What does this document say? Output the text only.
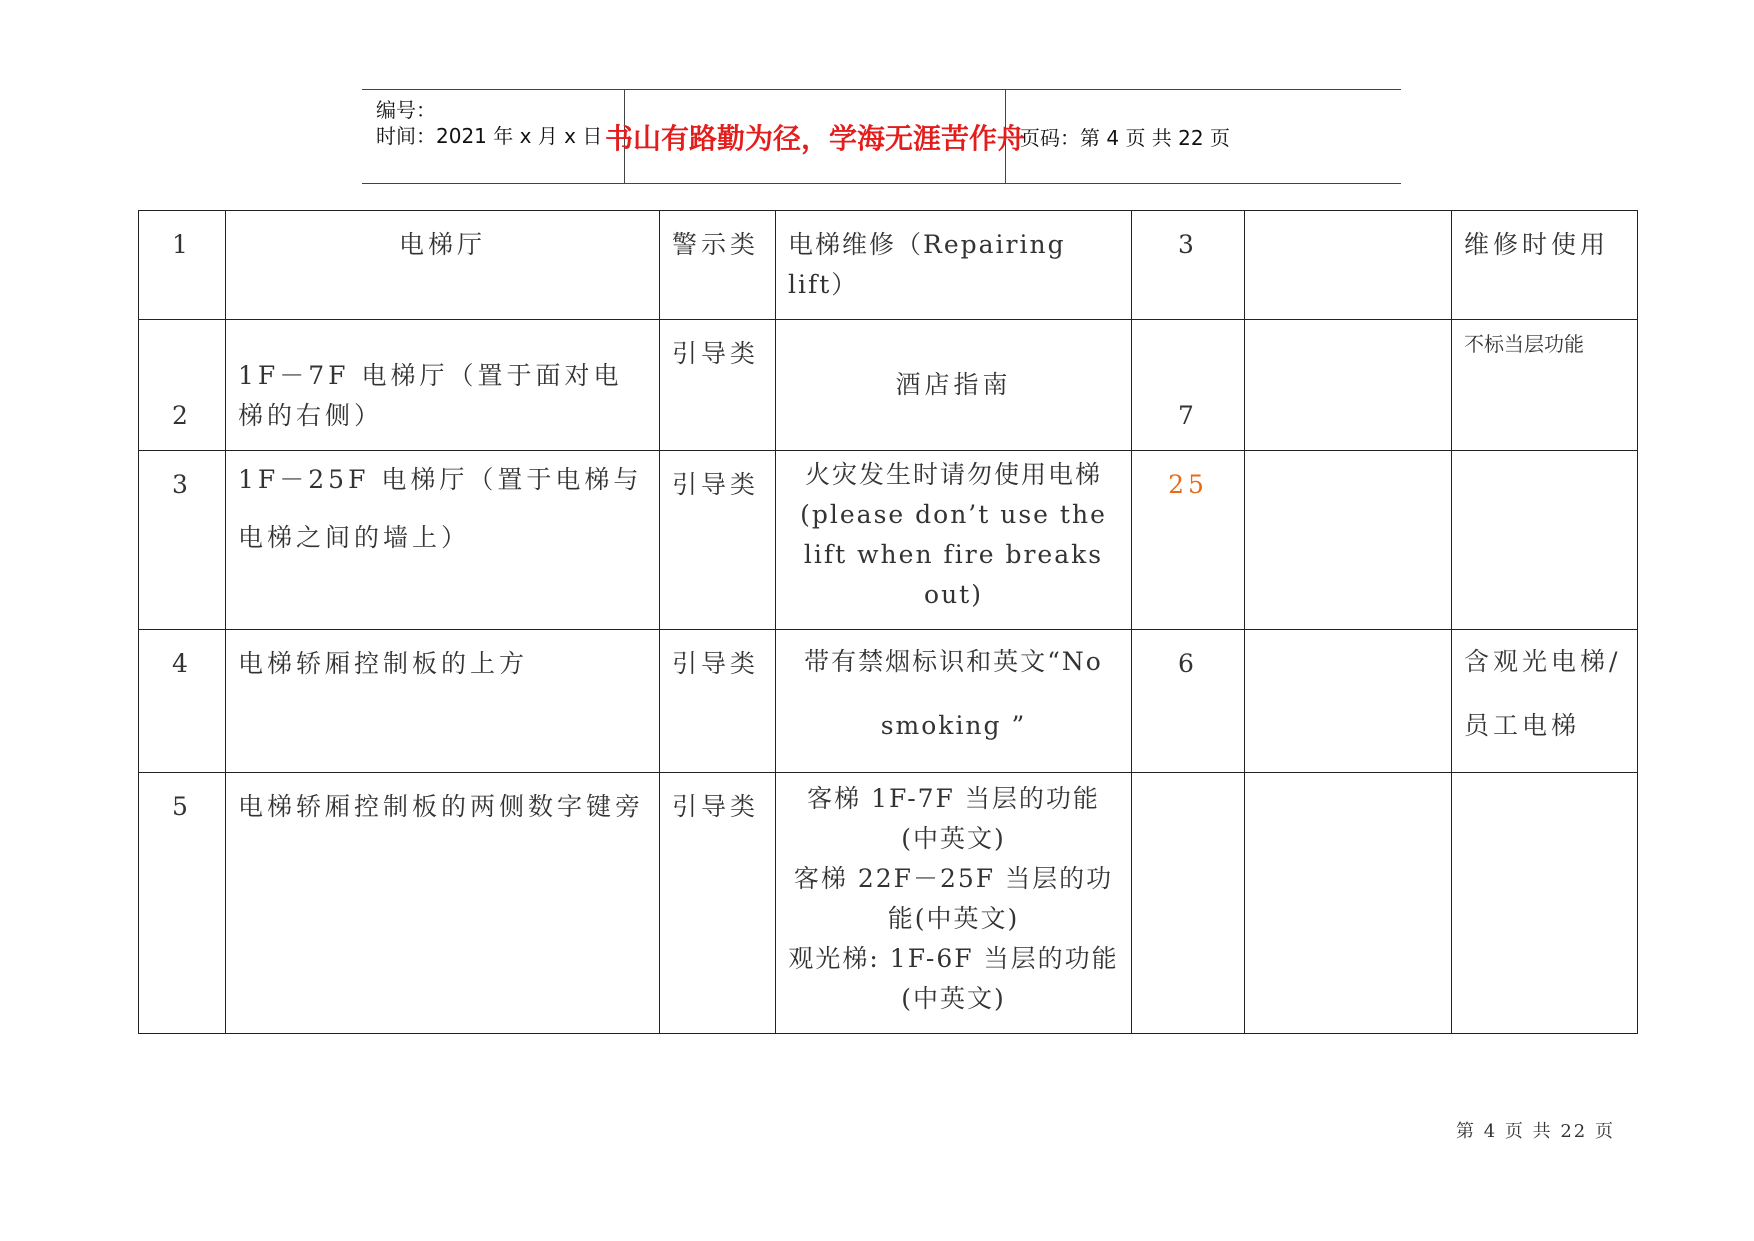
编号：
时间：2021 年 x 月 x 日 书山有路勤为径，学海无涯苦作舟
页码：第 4 页 共 22 页
1	电梯厅	警示类	电梯维修（Repairing lift）	3		维修时使用

2	1F－7F 电梯厅（置于面对电梯的右侧）	引导类	酒店指南	7		不标当层功能

3	1F－25F 电梯厅（置于电梯与电梯之间的墙上）	引导类	火灾发生时请勿使用电梯(please don’t use the lift when fire breaks out)	25		

4	电梯轿厢控制板的上方	引导类	带有禁烟标识和英文“No smoking ”	6		含观光电梯/员工电梯

5	电梯轿厢控制板的两侧数字键旁	引导类	客梯 1F-7F 当层的功能(中英文)
客梯 22F－25F 当层的功能(中英文)
观光梯: 1F-6F 当层的功能(中英文)			

第 4 页 共 22 页
